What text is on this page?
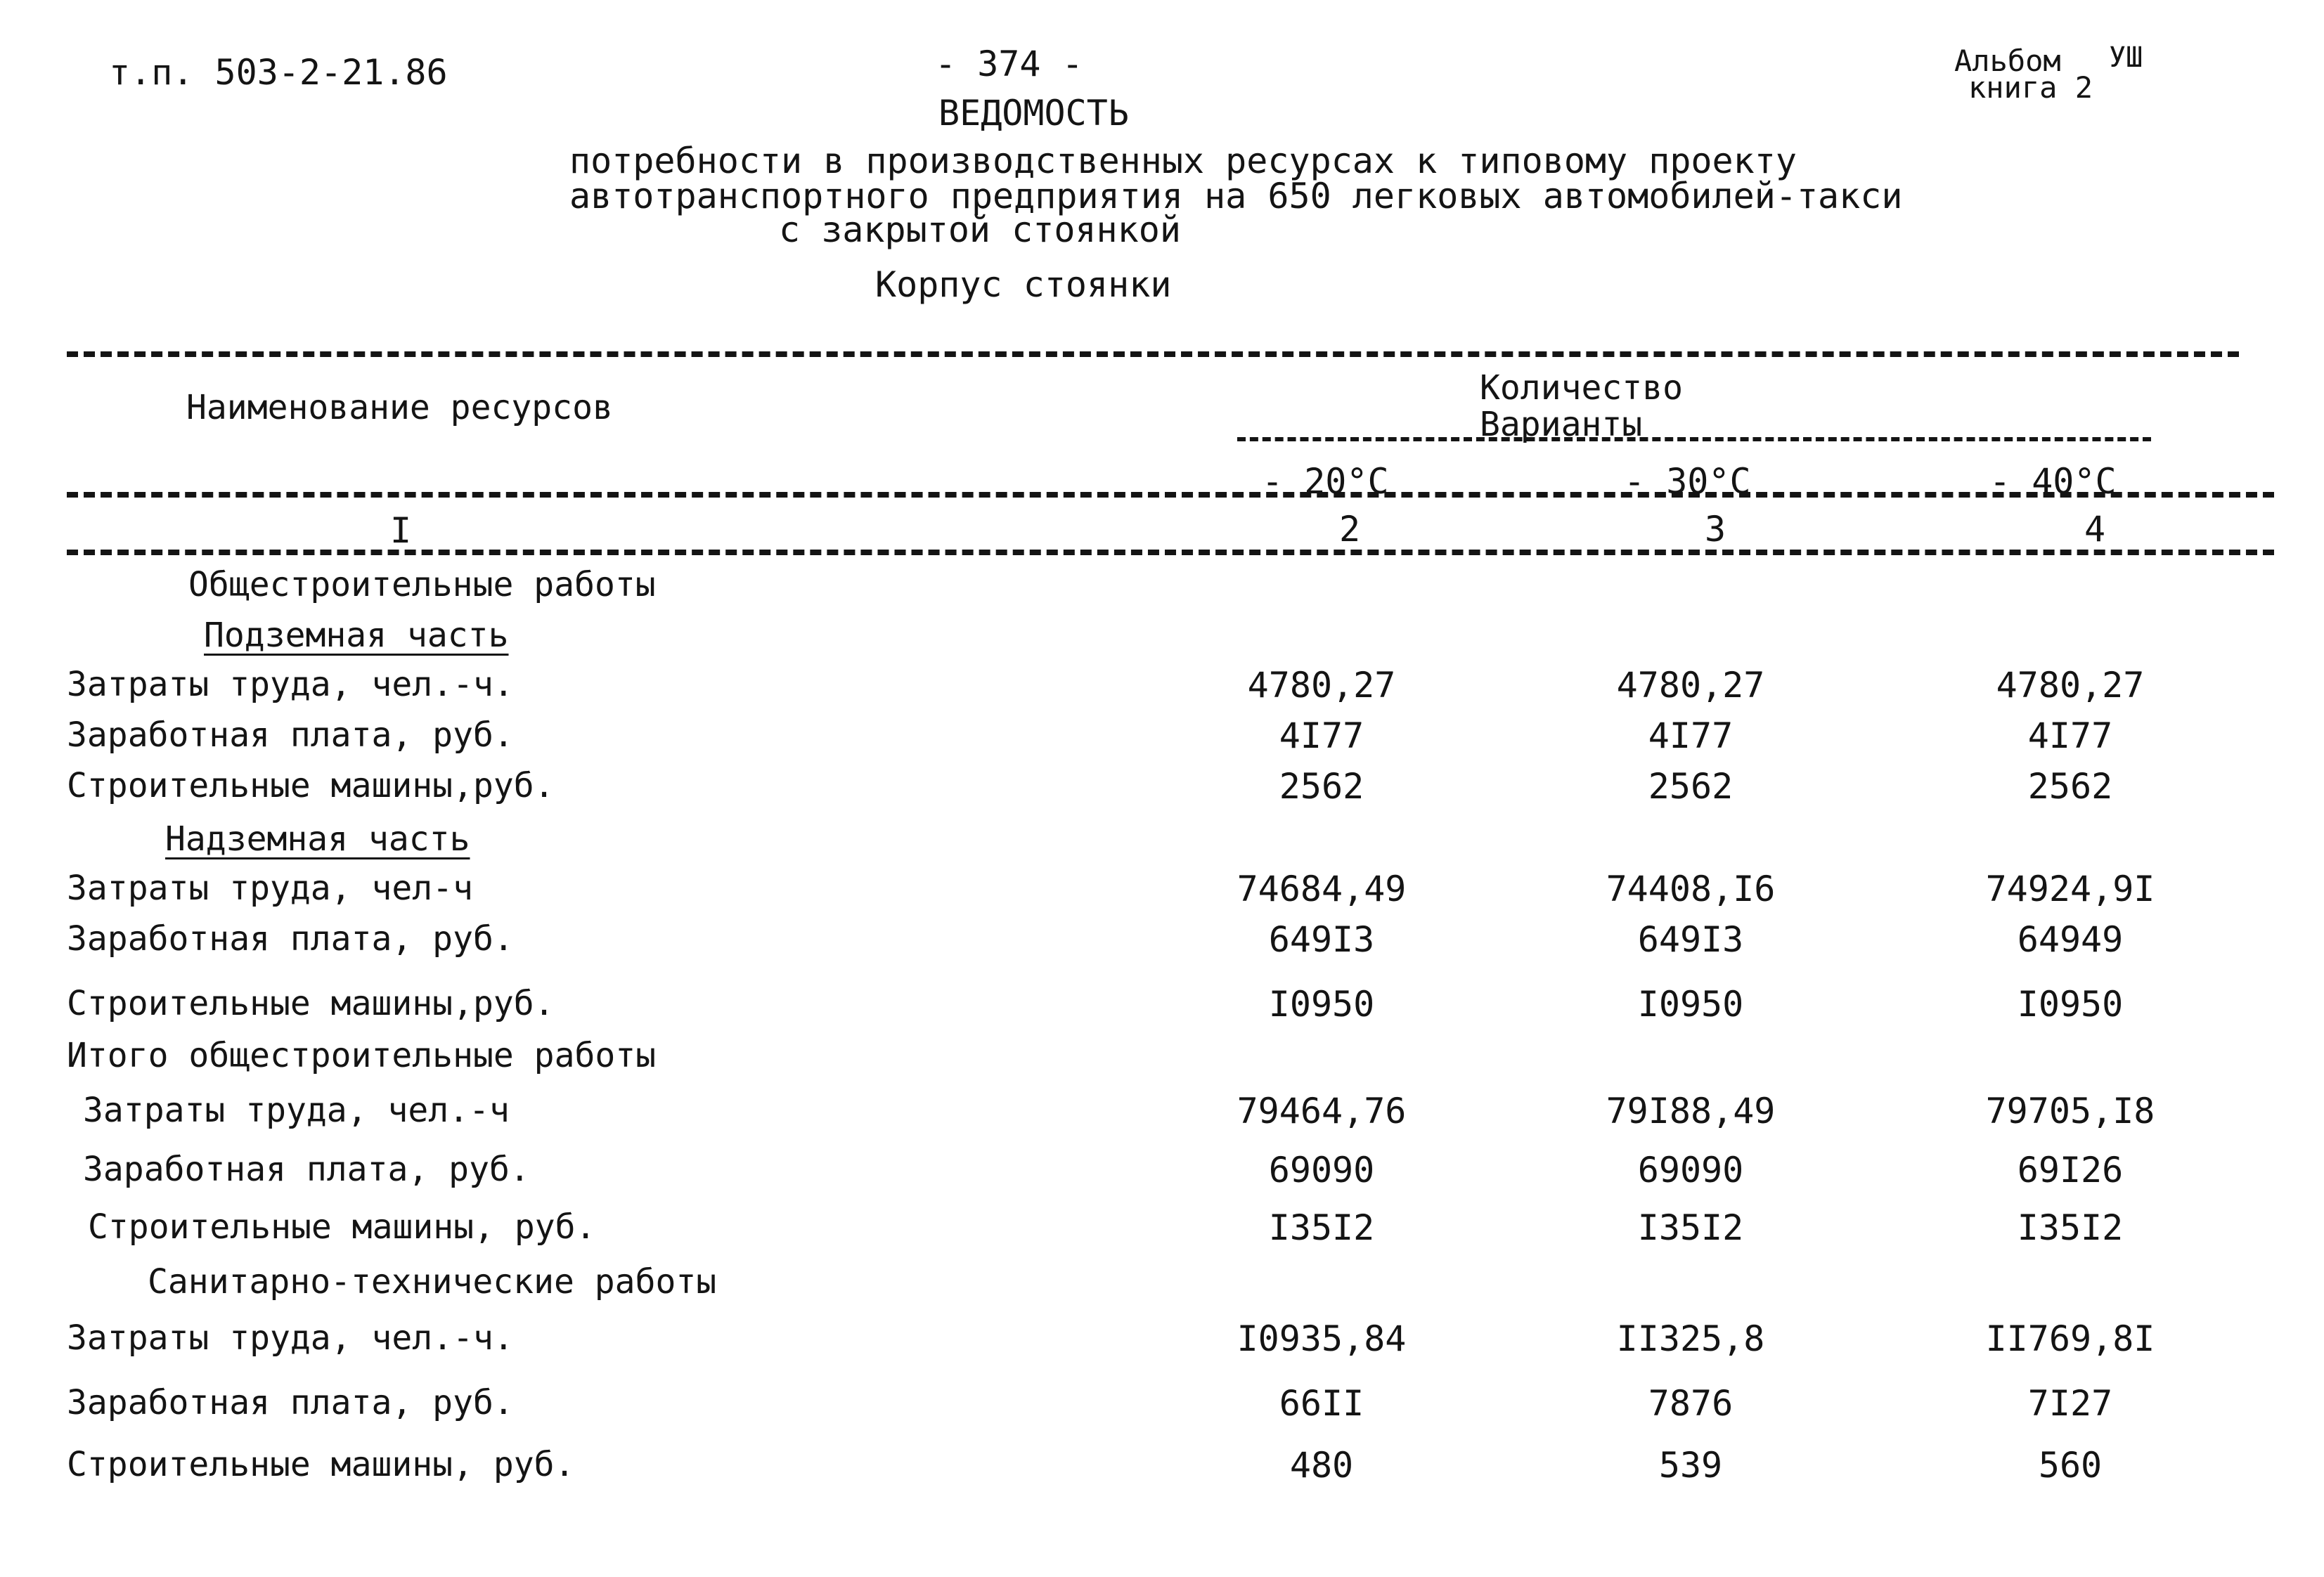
т.п. 503-2-21.86	- 374 -	Альбом УШ
книга 2
ВЕДОМОСТЬ
потребности в производственных ресурсах к типовому проекту
автотранспортного предприятия на 650 легковых автомобилей-такси
с закрытой стоянкой
Корпус стоянки
Наименование ресурсов	Количество
Варианты
- 20°C	- 30°C	- 40°C
I	2	3	4
Общестроительные работы
Подземная часть
Затраты труда, чел.-ч.	4780,27	4780,27	4780,27
Заработная плата, руб.	4I77	4I77	4I77
Строительные машины,руб.	2562	2562	2562
Надземная часть
Затраты труда, чел-ч	74684,49	74408,I6	74924,9I
Заработная плата, руб.	649I3	649I3	64949
Строительные машины,руб.	I0950	I0950	I0950
Итого общестроительные работы
Затраты труда, чел.-ч	79464,76	79I88,49	79705,I8
Заработная плата, руб.	69090	69090	69I26
Строительные машины, руб.	I35I2	I35I2	I35I2
Санитарно-технические работы
Затраты труда, чел.-ч.	I0935,84	II325,8	II769,8I
Заработная плата, руб.	66II	7876	7I27
Строительные машины, руб.	480	539	560
